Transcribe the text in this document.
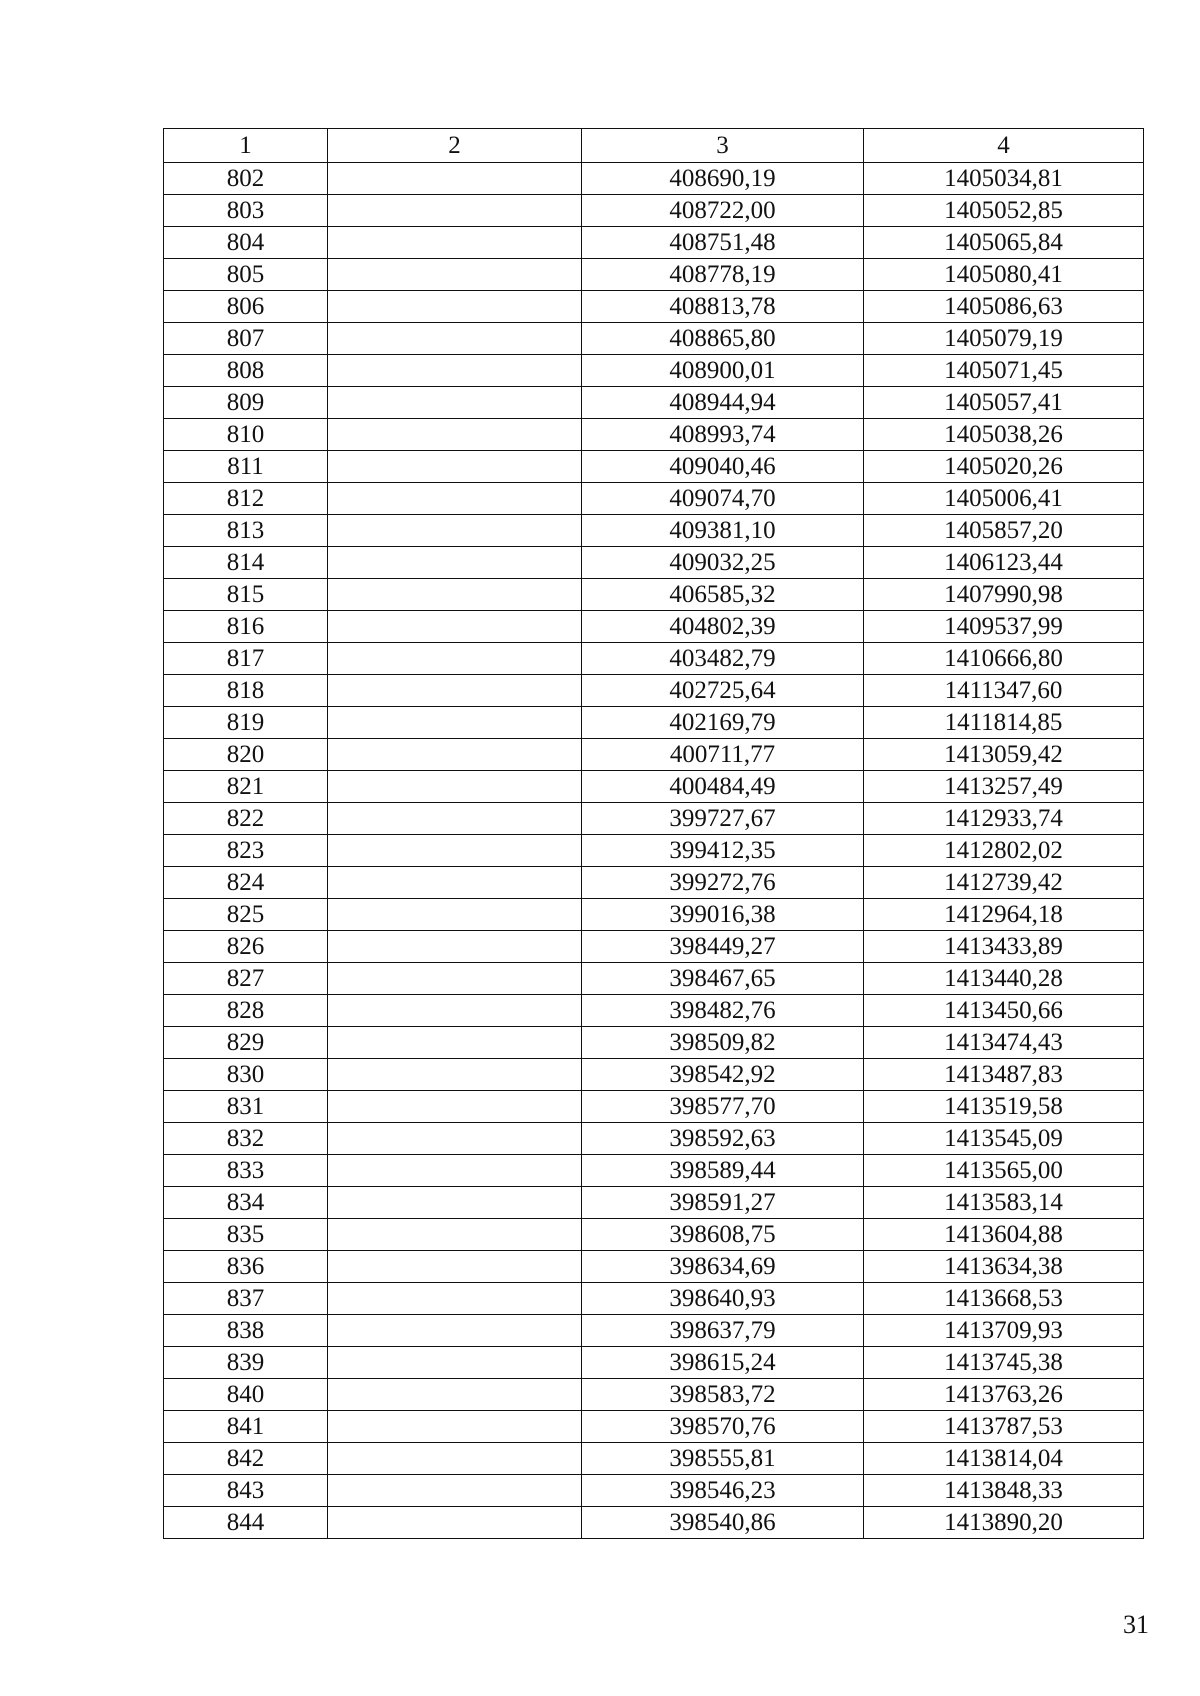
1	2	3	4
802		408690,19	1405034,81
803		408722,00	1405052,85
804		408751,48	1405065,84
805		408778,19	1405080,41
806		408813,78	1405086,63
807		408865,80	1405079,19
808		408900,01	1405071,45
809		408944,94	1405057,41
810		408993,74	1405038,26
811		409040,46	1405020,26
812		409074,70	1405006,41
813		409381,10	1405857,20
814		409032,25	1406123,44
815		406585,32	1407990,98
816		404802,39	1409537,99
817		403482,79	1410666,80
818		402725,64	1411347,60
819		402169,79	1411814,85
820		400711,77	1413059,42
821		400484,49	1413257,49
822		399727,67	1412933,74
823		399412,35	1412802,02
824		399272,76	1412739,42
825		399016,38	1412964,18
826		398449,27	1413433,89
827		398467,65	1413440,28
828		398482,76	1413450,66
829		398509,82	1413474,43
830		398542,92	1413487,83
831		398577,70	1413519,58
832		398592,63	1413545,09
833		398589,44	1413565,00
834		398591,27	1413583,14
835		398608,75	1413604,88
836		398634,69	1413634,38
837		398640,93	1413668,53
838		398637,79	1413709,93
839		398615,24	1413745,38
840		398583,72	1413763,26
841		398570,76	1413787,53
842		398555,81	1413814,04
843		398546,23	1413848,33
844		398540,86	1413890,20
31
